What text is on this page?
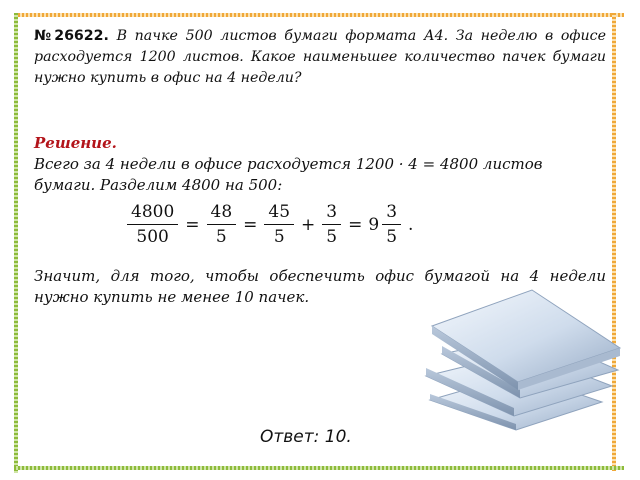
№26622. В пачке 500 листов бумаги формата А4. За неделю в офисе расходуется 1200 листов. Какое наименьшее количество пачек бумаги нужно купить в офис на 4 недели?
Решение.
Всего за 4 недели в офисе расходуется 1200 · 4 = 4800 листов бумаги. Разделим 4800 на 500:
$\frac{4800}{500} = \frac{48}{5} = \frac{45}{5} + \frac{3}{5} = 9 \frac{3}{5}$ .
Значит, для того, чтобы обеспечить офис бумагой на 4 недели нужно купить не менее 10 пачек.
Ответ: 10.
